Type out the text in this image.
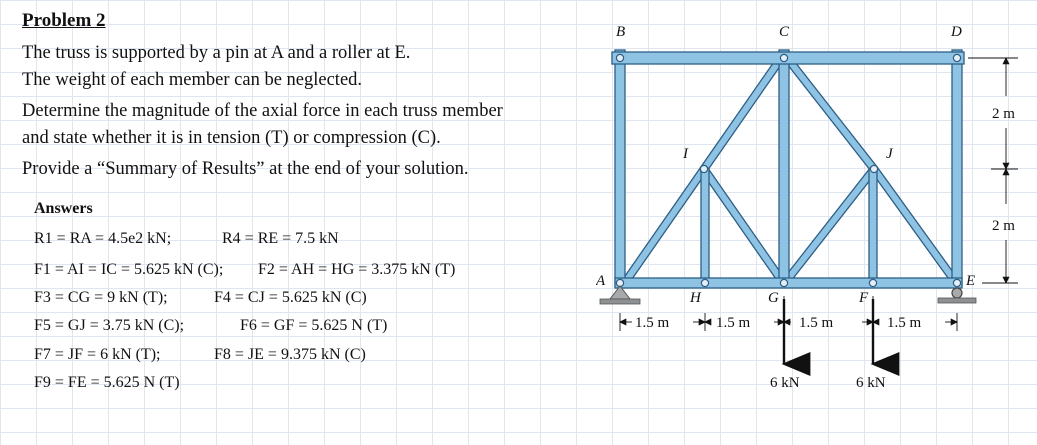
Problem 2

The truss is supported by a pin at A and a roller at E.

The weight of each member can be neglected.

Determine the magnitude of the axial force in each truss member

and state whether it is in tension (T) or compression (C).

Provide a “Summary of Results” at the end of your solution.

Answers
R1 = RA = 4.5e2 kN;	R4 = RE = 7.5 kN
F1 = AI = IC = 5.625 kN (C); F2 = AH = HG = 3.375 kN (T)
F3 = CG = 9 kN (T);	F4 = CJ = 5.625 kN (C)
F5 = GJ = 3.75 kN (C);	F6 = GF = 5.625 N (T)
F7 = JF = 6 kN (T);	F8 = JE = 9.375 kN (C)
F9 = FE = 5.625 N (T)
B	C	D
I	J
A
H	G	F
E
1.5 m	1.5 m	1.5 m	1.5 m
2 m
2 m
6 kN	6 kN
